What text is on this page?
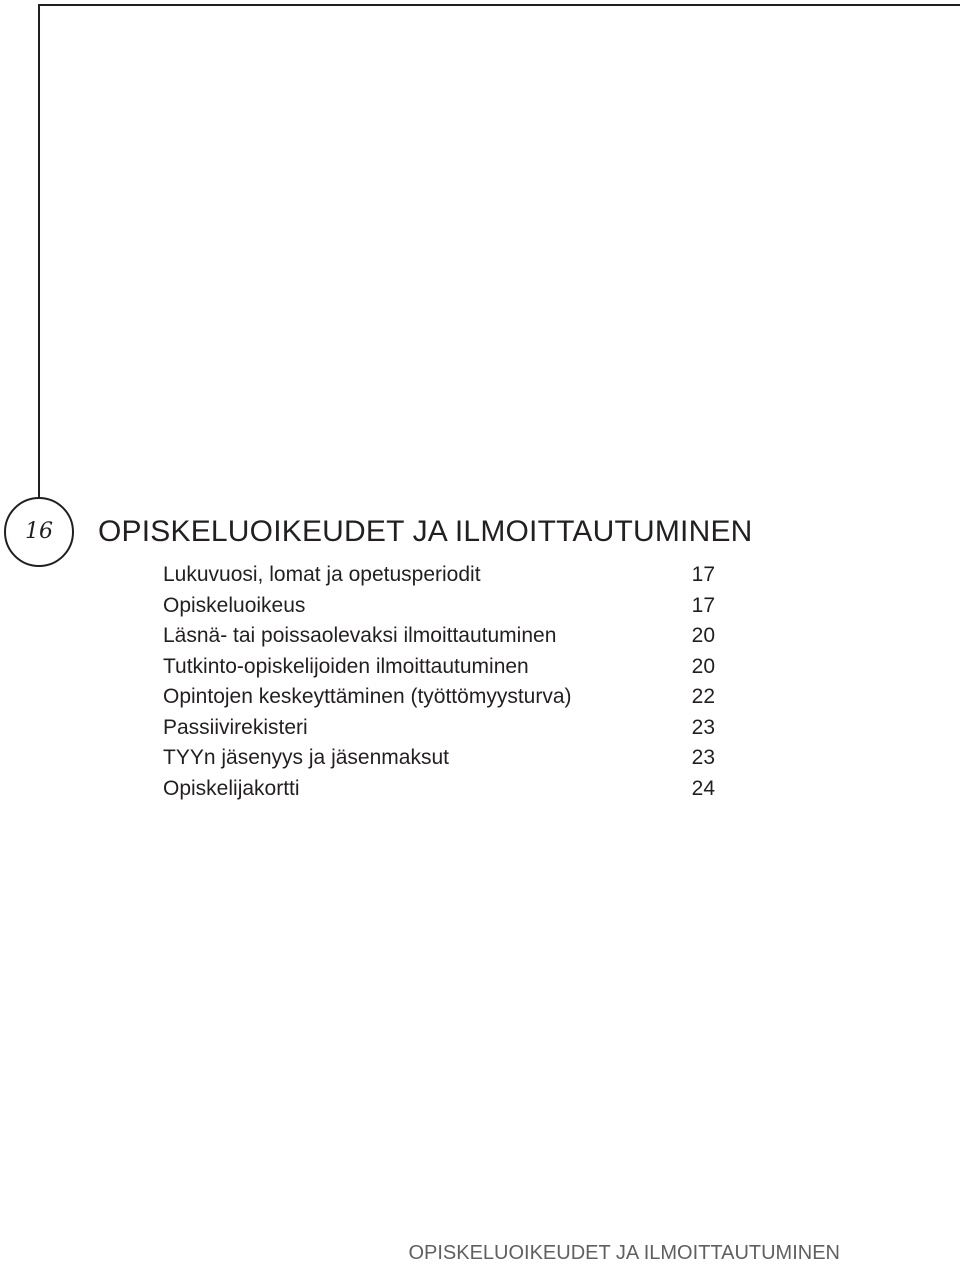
16 OPISKELUOIKEUDET JA ILMOITTAUTUMINEN
Lukuvuosi, lomat ja opetusperiodit	17
Opiskeluoikeus	17
Läsnä- tai poissaolevaksi ilmoittautuminen	20
Tutkinto-opiskelijoiden ilmoittautuminen	20
Opintojen keskeyttäminen (työttömyysturva)	22
Passiivirekisteri	23
TYYn jäsenyys ja jäsenmaksut	23
Opiskelijakortti	24
OPISKELUOIKEUDET JA ILMOITTAUTUMINEN
